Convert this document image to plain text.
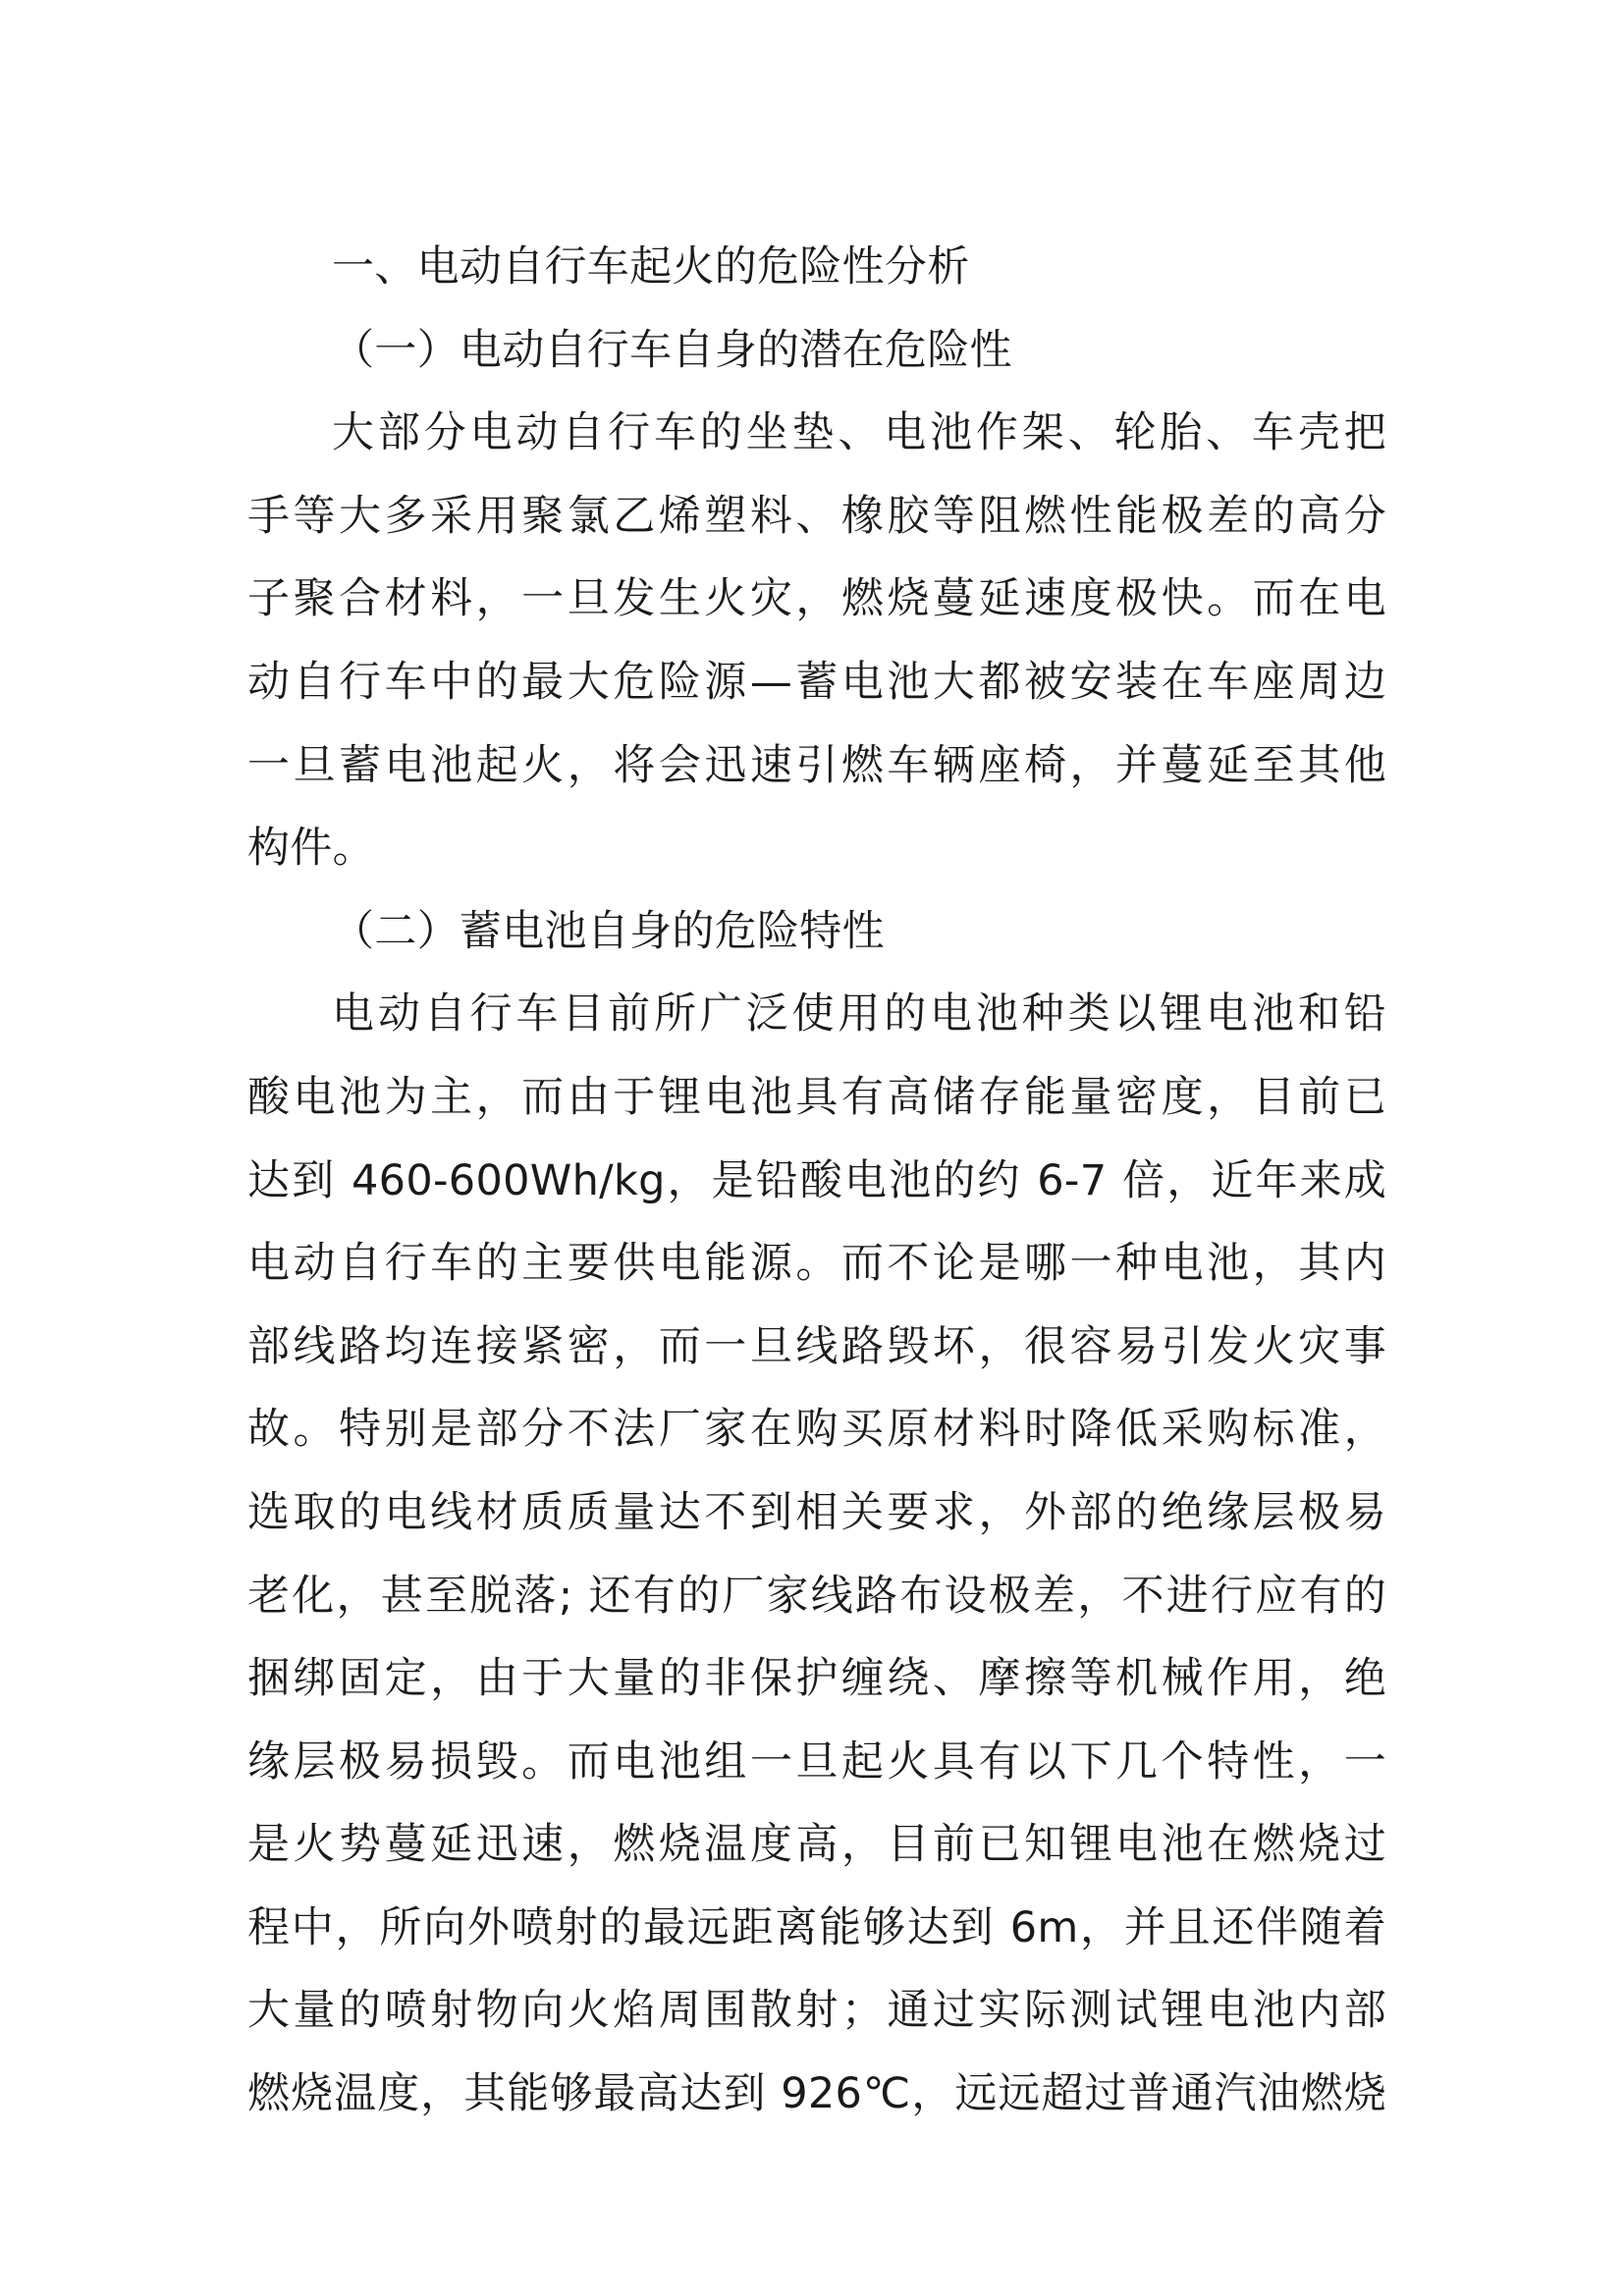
一、电动自行车起火的危险性分析
（一）电动自行车自身的潜在危险性
大部分电动自行车的坐垫、电池作架、轮胎、车壳把
手等大多采用聚氯乙烯塑料、橡胶等阻燃性能极差的高分
子聚合材料，一旦发生火灾，燃烧蔓延速度极快。而在电
动自行车中的最大危险源—蓄电池大都被安装在车座周边
一旦蓄电池起火，将会迅速引燃车辆座椅，并蔓延至其他
构件。
（二）蓄电池自身的危险特性
电动自行车目前所广泛使用的电池种类以锂电池和铅
酸电池为主，而由于锂电池具有高储存能量密度，目前已
达到 460-600Wh/kg，是铅酸电池的约 6-7 倍，近年来成
电动自行车的主要供电能源。而不论是哪一种电池，其内
部线路均连接紧密，而一旦线路毁坏，很容易引发火灾事
故。特别是部分不法厂家在购买原材料时降低采购标准，
选取的电线材质质量达不到相关要求，外部的绝缘层极易
老化，甚至脱落; 还有的厂家线路布设极差，不进行应有的
捆绑固定，由于大量的非保护缠绕、摩擦等机械作用，绝
缘层极易损毁。而电池组一旦起火具有以下几个特性，一
是火势蔓延迅速，燃烧温度高，目前已知锂电池在燃烧过
程中，所向外喷射的最远距离能够达到 6m，并且还伴随着
大量的喷射物向火焰周围散射；通过实际测试锂电池内部
燃烧温度，其能够最高达到 926℃，远远超过普通汽油燃烧
